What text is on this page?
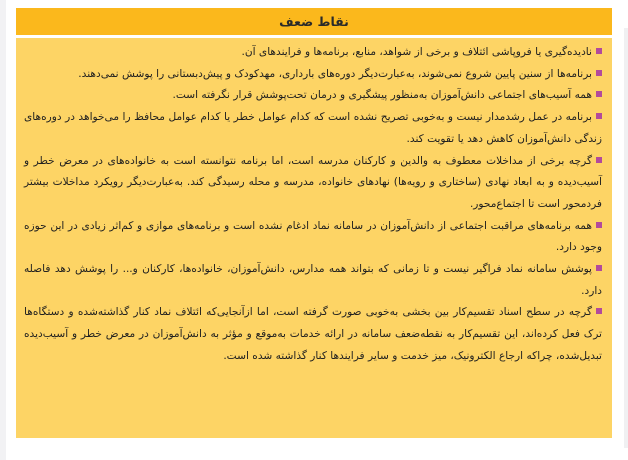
نقاط ضعف

نادیده‌گیری یا فروپاشی ائتلاف و برخی از شواهد، منابع، برنامه‌ها و فرایندهای آن.

برنامه‌ها از سنین پایین شروع نمی‌شوند، به‌عبارت‌دیگر دوره‌های بارداری، مهدکودک و پیش‌دبستانی را پوشش نمی‌دهند.

همه آسیب‌های اجتماعی دانش‌آموزان به‌منظور پیشگیری و درمان تحت‌پوشش قرار نگرفته است.

برنامه در عمل رشدمدار نیست و به‌خوبی تصریح نشده است که کدام عوامل خطر یا کدام عوامل محافظ را می‌خواهد در دوره‌های زندگی دانش‌آموزان کاهش دهد یا تقویت کند.

گرچه برخی از مداخلات معطوف به والدین و کارکنان مدرسه است، اما برنامه نتوانسته است به خانواده‌های در معرض خطر و آسیب‌دیده و به ابعاد نهادی (ساختاری و رویه‌ها) نهادهای خانواده، مدرسه و محله رسیدگی کند. به‌عبارت‌دیگر رویکرد مداخلات بیشتر فردمحور است تا اجتماع‌محور.

همه برنامه‌های مراقبت اجتماعی از دانش‌آموزان در سامانه نماد ادغام نشده است و برنامه‌های موازی و کم‌اثر زیادی در این حوزه وجود دارد.

پوشش سامانه نماد فراگیر نیست و تا زمانی که بتواند همه مدارس، دانش‌آموزان، خانواده‌ها، کارکنان و... را پوشش دهد فاصله دارد.

گرچه در سطح اسناد تقسیم‌کار بین بخشی به‌خوبی صورت گرفته است، اما ازآنجایی‌که ائتلاف نماد کنار گذاشته‌شده و دستگاه‌ها ترک فعل کرده‌اند، این تقسیم‌کار به نقطه‌ضعف سامانه در ارائه خدمات به‌موقع و مؤثر به دانش‌آموزان در معرض خطر و آسیب‌دیده تبدیل‌شده، چراکه ارجاع الکترونیک، میز خدمت و سایر فرایندها کنار گذاشته شده است.
